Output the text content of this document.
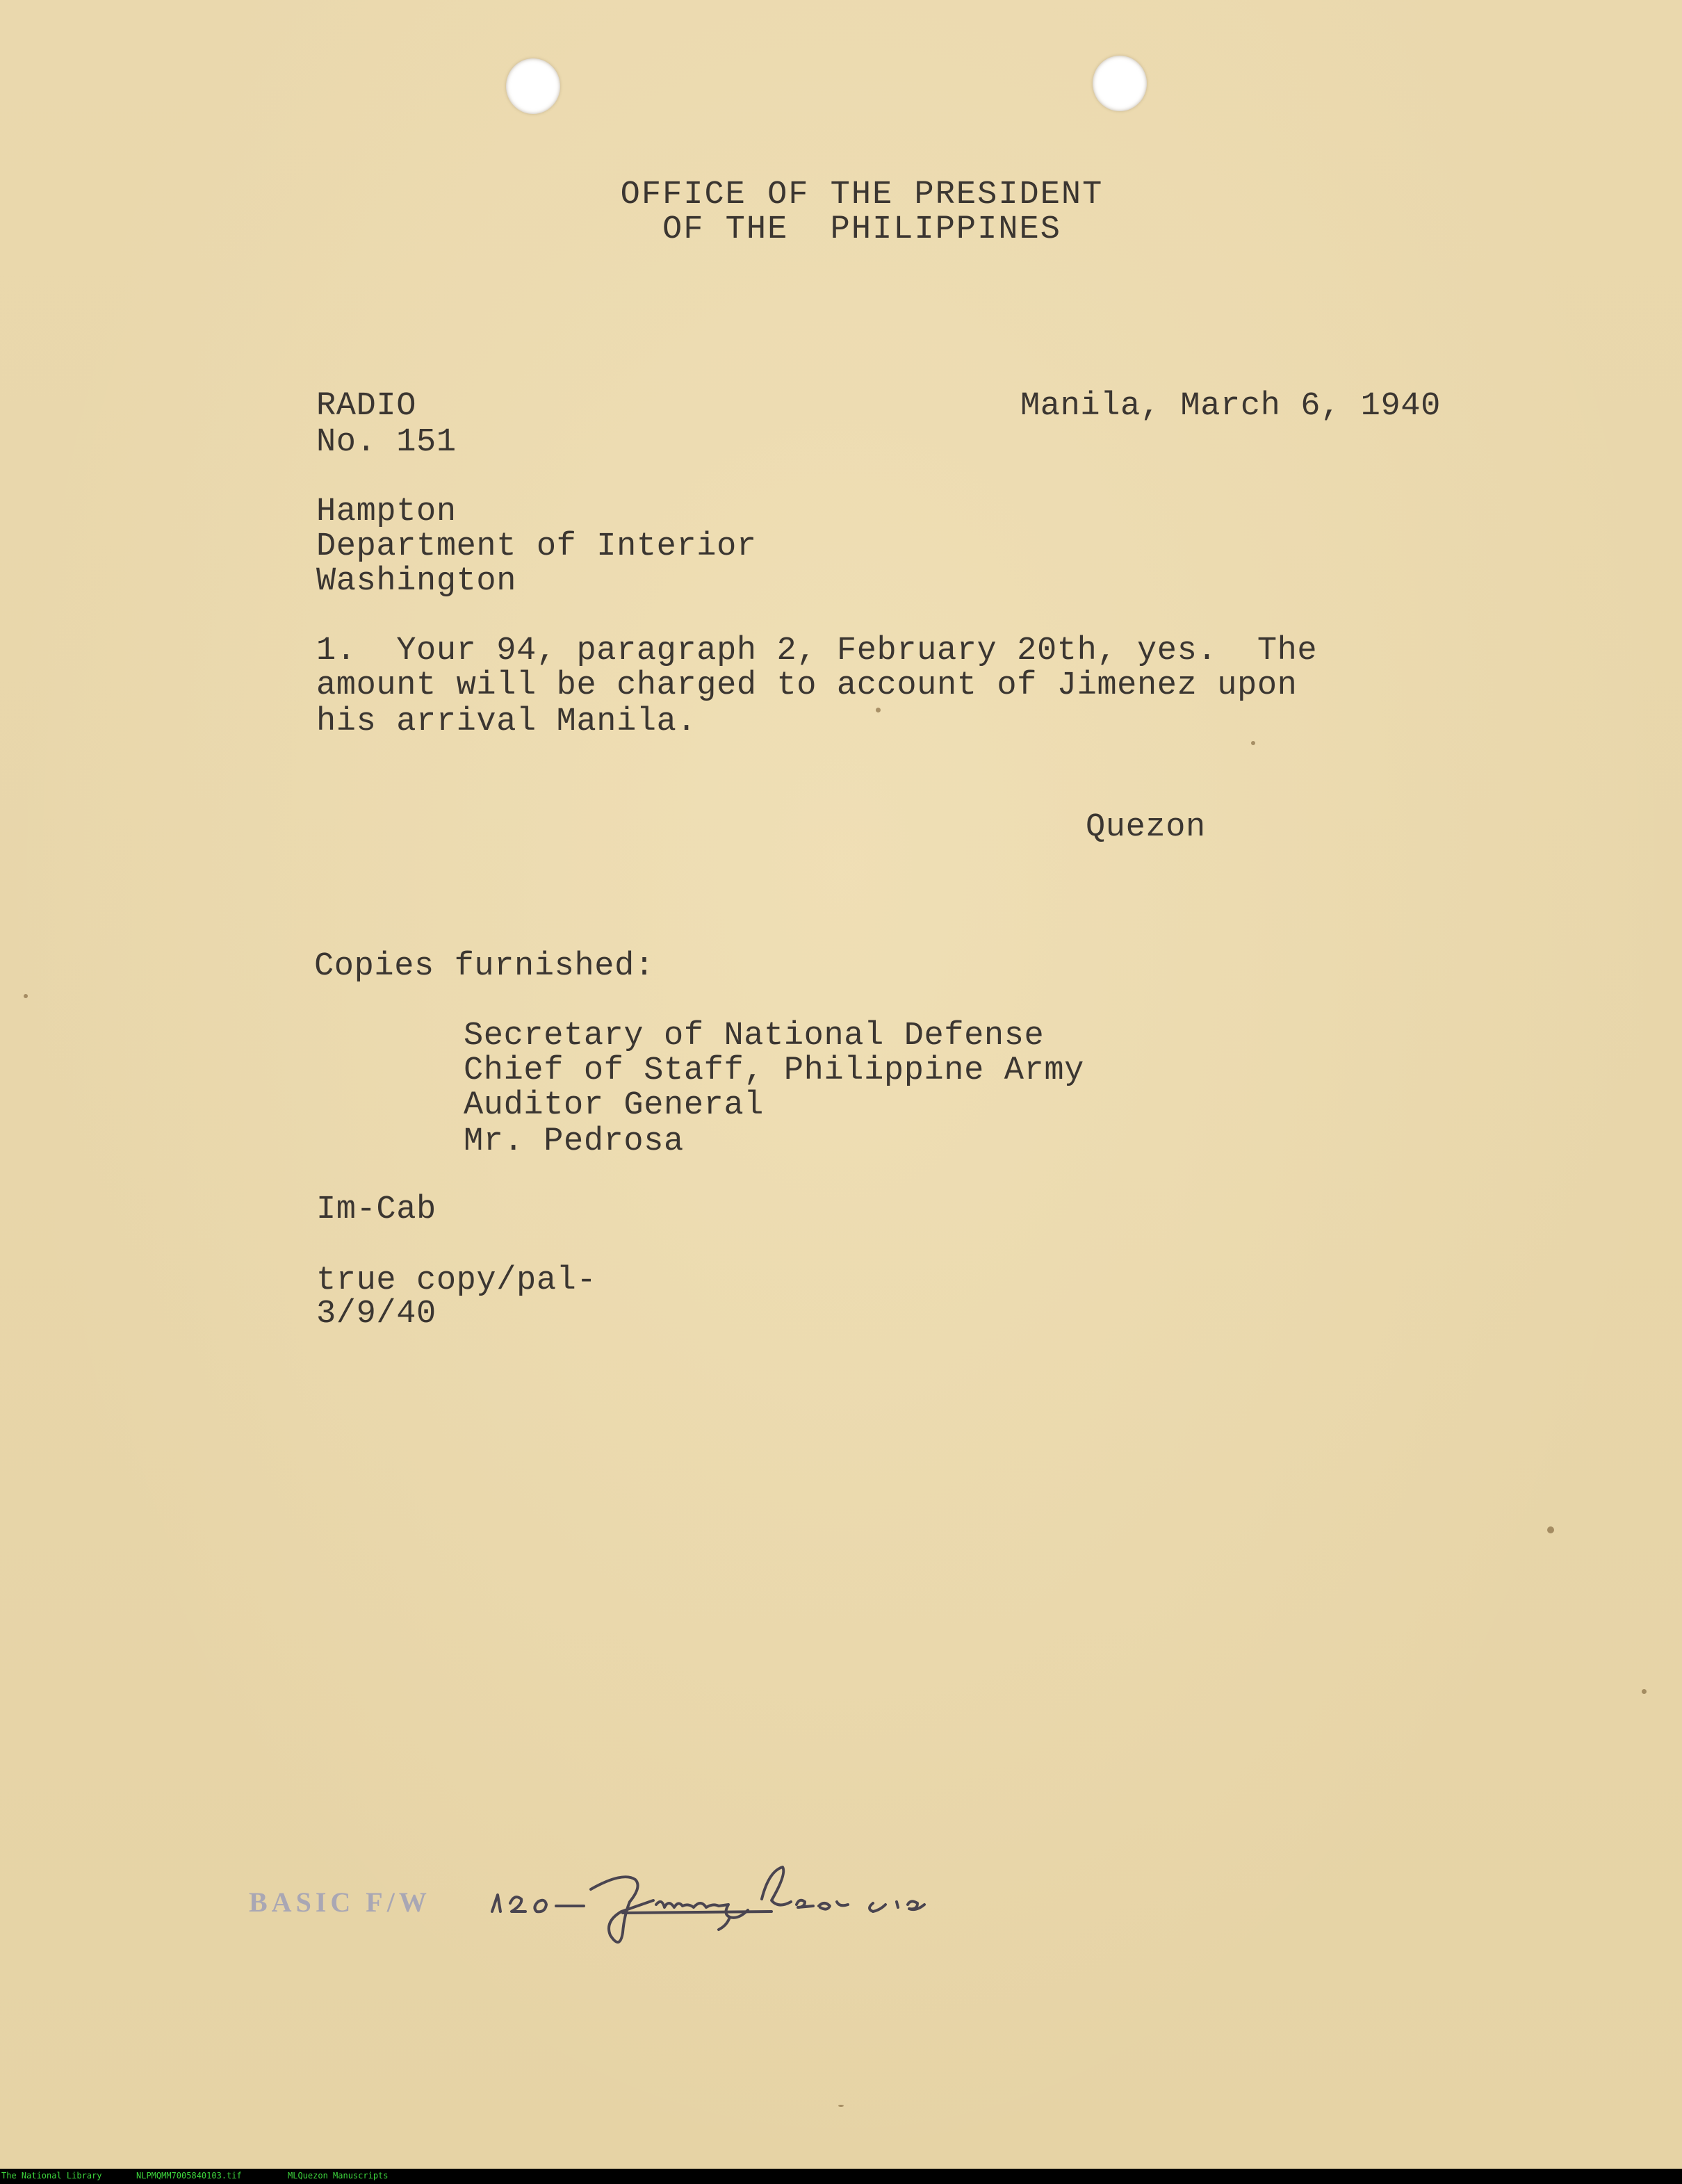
OFFICE OF THE PRESIDENT
OF THE  PHILIPPINES
RADIO
No. 151
Manila, March 6, 1940
Hampton
Department of Interior
Washington
1.  Your 94, paragraph 2, February 20th, yes.  The
amount will be charged to account of Jimenez upon
his arrival Manila.
Quezon
Copies furnished:
Secretary of National Defense
Chief of Staff, Philippine Army
Auditor General
Mr. Pedrosa
Im-Cab
true copy/pal-
3/9/40
BASIC F/W
The National Library	NLPMQMM7005840103.tif	MLQuezon Manuscripts
